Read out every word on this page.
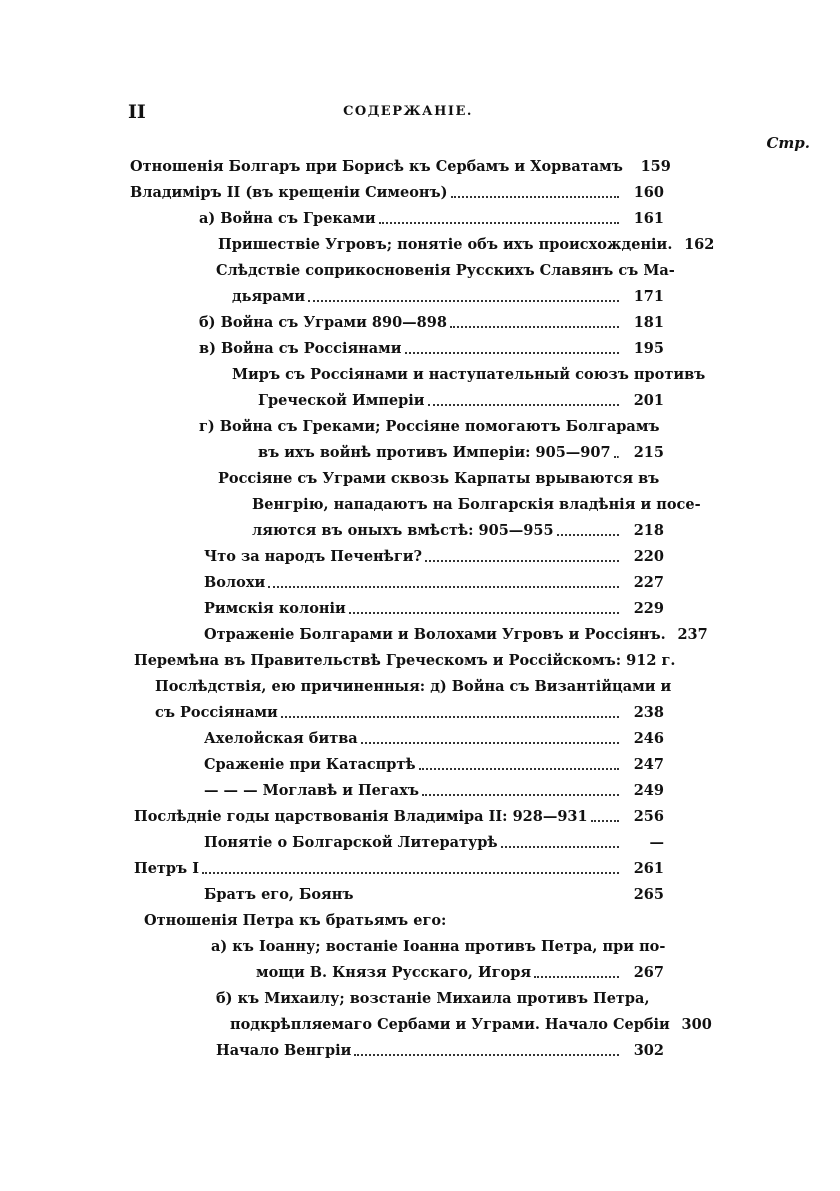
II	СОДЕРЖАНІЕ.
Стр.
Отношенія Болгаръ при Борисѣ къ Сербамъ и Хорватамъ	159
Владиміръ II (въ крещеніи Симеонъ)	160
а) Война съ Греками	161
Пришествіе Угровъ; понятіе объ ихъ происхожденіи. 162
Слѣдствіе соприкосновенія Русскихъ Славянъ съ Ма-
дьярами	171
б) Война съ Уграми 890—898	181
в) Война съ Россіянами	195
Миръ съ Россіянами и наступательный союзъ противъ
Греческой Имперіи	201
г) Война съ Греками; Россіяне помогаютъ Болгарамъ
въ ихъ войнѣ противъ Имперіи: 905—907	215
Россіяне съ Уграми сквозь Карпаты врываются въ
Венгрію, нападаютъ на Болгарскія владѣнія и посе-
ляются въ оныхъ вмѣстѣ: 905—955	218
Что за народъ Печенѣги?	220
Волохи	227
Римскія колоніи	229
Отраженіе Болгарами и Волохами Угровъ и Россіянъ. 237
Перемѣна въ Правительствѣ Греческомъ и Россійскомъ: 912 г.
Послѣдствія, ею причиненныя: д) Война съ Византійцами и
съ Россіянами	238
Ахелойская битва	246
Сраженіе при Катаспртѣ	247
— — — Моглавѣ и Пегахъ	249
Послѣдніе годы царствованія Владиміра II: 928—931	256
Понятіе о Болгарской Литературѣ	—
Петръ I	261
Братъ его, Боянъ	265
Отношенія Петра къ братьямъ его:
а) къ Іоанну; востаніе Іоанна противъ Петра, при по-
мощи В. Князя Русскаго, Игоря	267
б) къ Михаилу; возстаніе Михаила противъ Петра,
подкрѣпляемаго Сербами и Уграми. Начало Сербіи 300
Начало Венгріи	302
